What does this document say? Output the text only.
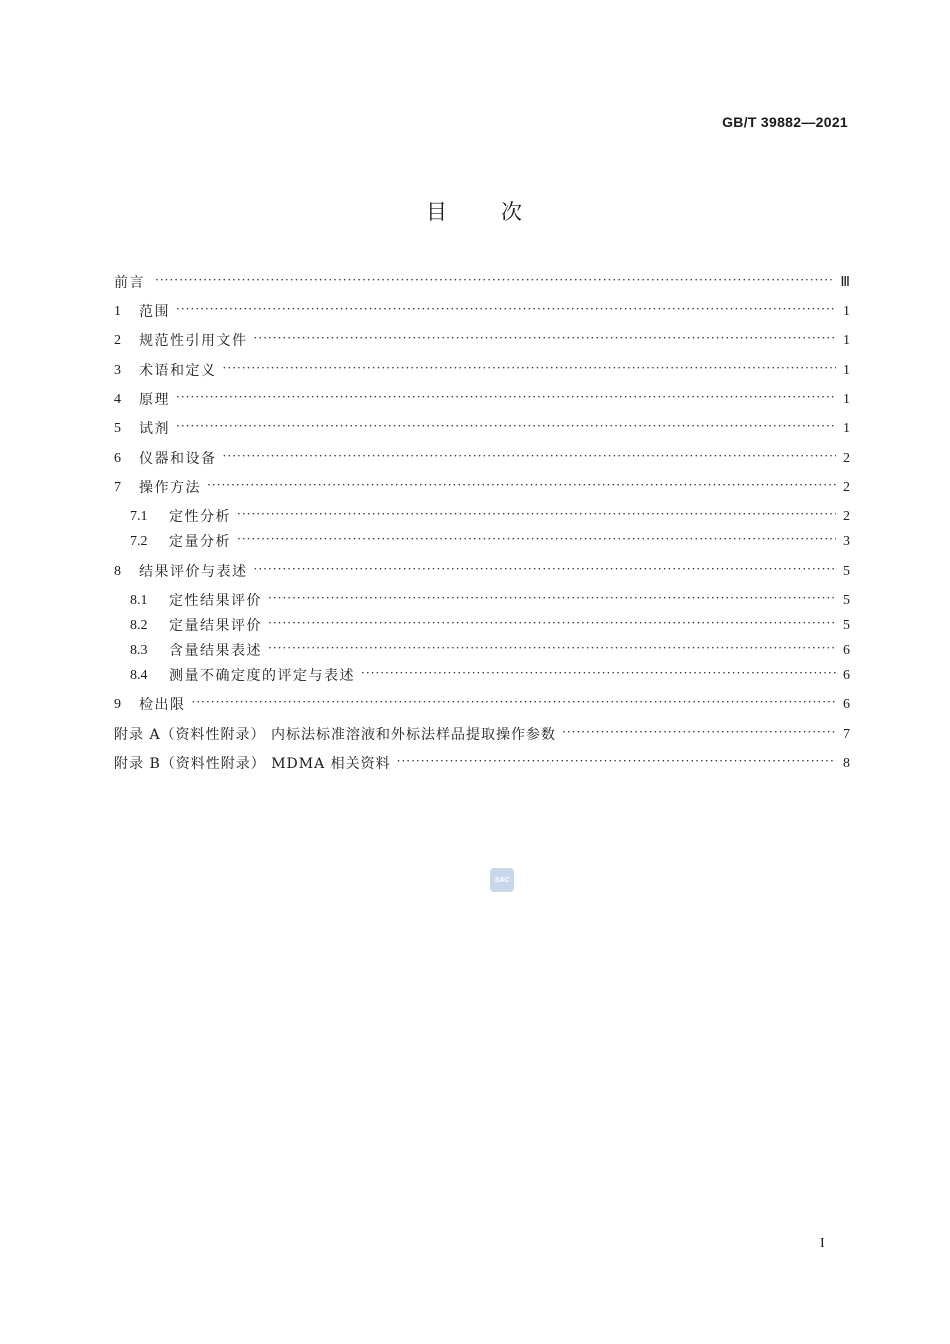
GB/T 39882—2021
目 次
前言 ·····	Ⅲ
1	范围 ·····	1
2	规范性引用文件 ·····	1
3	术语和定义 ·····	1
4	原理 ·····	1
5	试剂 ·····	1
6	仪器和设备 ·····	2
7	操作方法 ·····	2
7.1	定性分析 ·····	2
7.2	定量分析 ·····	3
8	结果评价与表述 ·····	5
8.1	定性结果评价 ·····	5
8.2	定量结果评价 ·····	5
8.3	含量结果表述 ·····	6
8.4	测量不确定度的评定与表述 ·····	6
9	检出限 ·····	6
附录 A（资料性附录） 内标法标准溶液和外标法样品提取操作参数 ·····	7
附录 B（资料性附录） MDMA 相关资料 ·····	8
SAC
I
